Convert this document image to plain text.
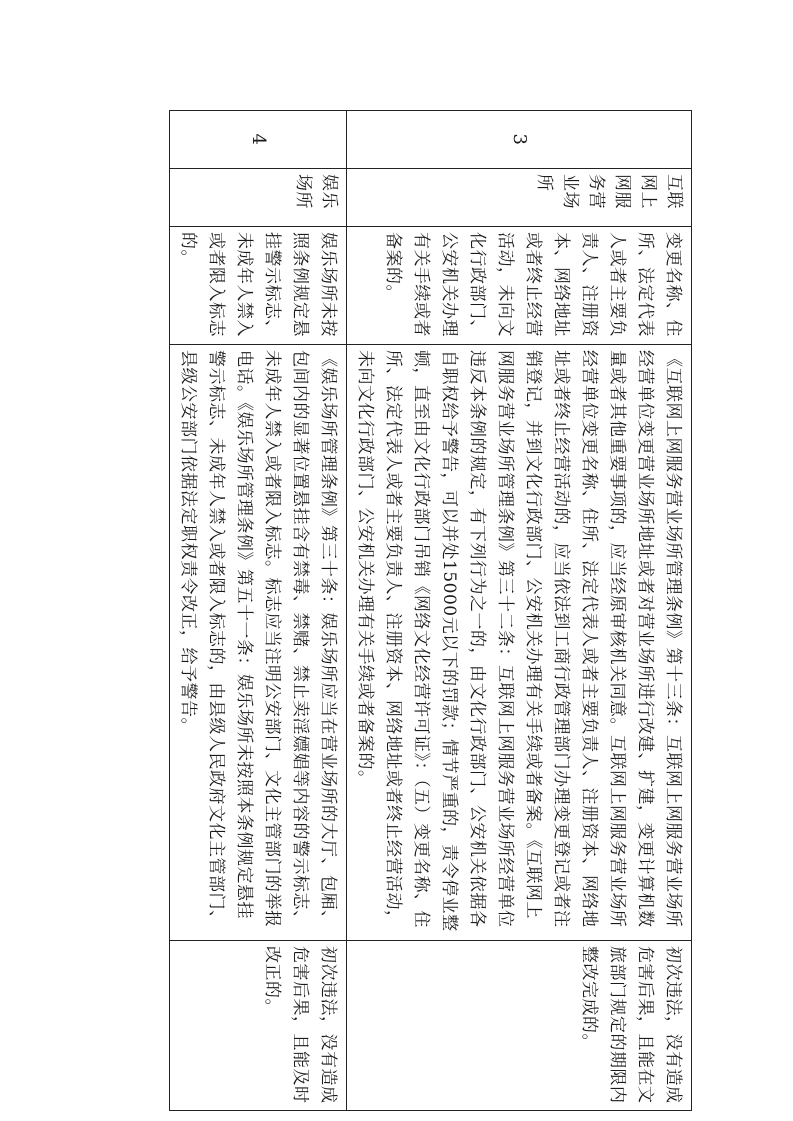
3	互联网上网服务营业场所	变更名称、住所、法定代表人或者主要负责人、注册资本、网络地址或者终止经营活动，未向文化行政部门、公安机关办理有关手续或者备案的。	《互联网上网服务营业场所管理条例》第十三条：互联网上网服务营业场所经营单位变更营业场所地址或者对营业场所进行改建、扩建，变更计算机数量或者其他重要事项的，应当经原审核机关同意。互联网上网服务营业场所经营单位变更名称、住所、法定代表人或者主要负责人、注册资本、网络地址或者终止经营活动的，应当依法到工商行政管理部门办理变更登记或者注销登记，并到文化行政部门、公安机关办理有关手续或者备案。《互联网上网服务营业场所管理条例》第三十二条：互联网上网服务营业场所经营单位违反本条例的规定，有下列行为之一的，由文化行政部门、公安机关依据各自职权给予警告，可以并处15000元以下的罚款；情节严重的，责令停业整顿，直至由文化行政部门吊销《网络文化经营许可证》：（五）变更名称、住所、法定代表人或者主要负责人、注册资本、网络地址或者终止经营活动，未向文化行政部门、公安机关办理有关手续或者备案的。	初次违法，没有造成危害后果，且能在文旅部门规定的期限内整改完成的。
4	娱乐场所	娱乐场所未按照条例规定悬挂警示标志、未成年人禁入或者限入标志的。	《娱乐场所管理条例》第三十条：娱乐场所应当在营业场所的大厅、包厢、包间内的显著位置悬挂含有禁毒、禁赌、禁止卖淫嫖娼等内容的警示标志、未成年人禁入或者限入标志。标志应当注明公安部门、文化主管部门的举报电话。《娱乐场所管理条例》第五十一条：娱乐场所未按照本条例规定悬挂警示标志、未成年人禁入或者限入标志的，由县级人民政府文化主管部门、县级公安部门依据法定职权责令改正，给予警告。	初次违法，没有造成危害后果，且能及时改正的。
